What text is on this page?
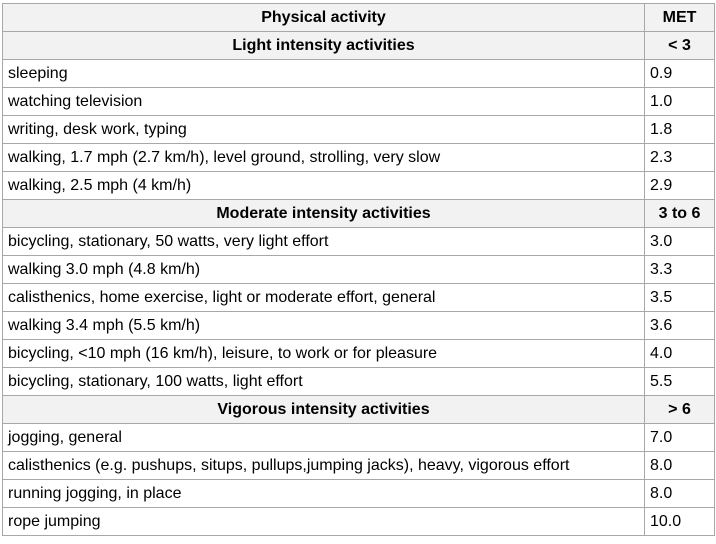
Physical activity	MET
Light intensity activities	< 3
sleeping	0.9
watching television	1.0
writing, desk work, typing	1.8
walking, 1.7 mph (2.7 km/h), level ground, strolling, very slow	2.3
walking, 2.5 mph (4 km/h)	2.9
Moderate intensity activities	3 to 6
bicycling, stationary, 50 watts, very light effort	3.0
walking 3.0 mph (4.8 km/h)	3.3
calisthenics, home exercise, light or moderate effort, general	3.5
walking 3.4 mph (5.5 km/h)	3.6
bicycling, <10 mph (16 km/h), leisure, to work or for pleasure	4.0
bicycling, stationary, 100 watts, light effort	5.5
Vigorous intensity activities	> 6
jogging, general	7.0
calisthenics (e.g. pushups, situps, pullups,jumping jacks), heavy, vigorous effort	8.0
running jogging, in place	8.0
rope jumping	10.0
